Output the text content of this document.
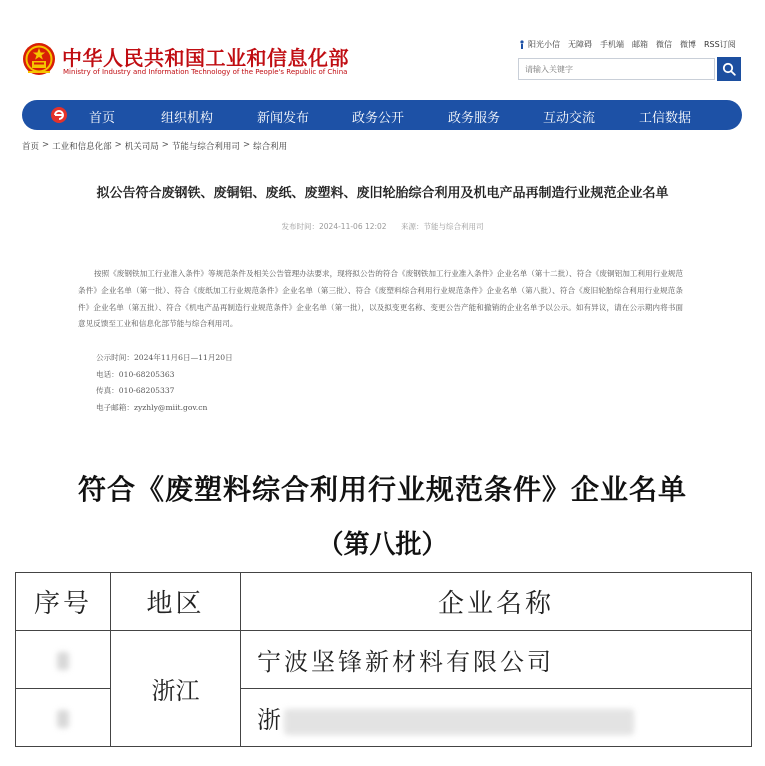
中华人民共和国工业和信息化部
Ministry of Industry and Information Technology of the People's Republic of China
阳光小信 无障碍 手机端 邮箱 微信 微博 RSS订阅
请输入关键字
首页	组织机构	新闻发布	政务公开	政务服务	互动交流	工信数据
首页 > 工业和信息化部 > 机关司局 > 节能与综合利用司 > 综合利用
拟公告符合废钢铁、废铜铝、废纸、废塑料、废旧轮胎综合利用及机电产品再制造行业规范企业名单
发布时间：2024-11-06 12:02 来源：节能与综合利用司

按照《废钢铁加工行业准入条件》等规范条件及相关公告管理办法要求，现将拟公告的符合《废钢铁加工行业准入条件》企业名单（第十二批）、符合《废铜铝加工利用行业规范条件》企业名单（第一批）、符合《废纸加工行业规范条件》企业名单（第三批）、符合《废塑料综合利用行业规范条件》企业名单（第八批）、符合《废旧轮胎综合利用行业规范条件》企业名单（第五批）、符合《机电产品再制造行业规范条件》企业名单（第一批），以及拟变更名称、变更公告产能和撤销的企业名单予以公示。如有异议，请在公示期内将书面意见反馈至工业和信息化部节能与综合利用司。

公示时间：2024年11月6日—11月20日
电话：010-68205363
传真：010-68205337
电子邮箱：zyzhly@miit.gov.cn
符合《废塑料综合利用行业规范条件》企业名单
（第八批）
序号	地区	企业名称
	浙江	宁波坚锋新材料有限公司
		浙
